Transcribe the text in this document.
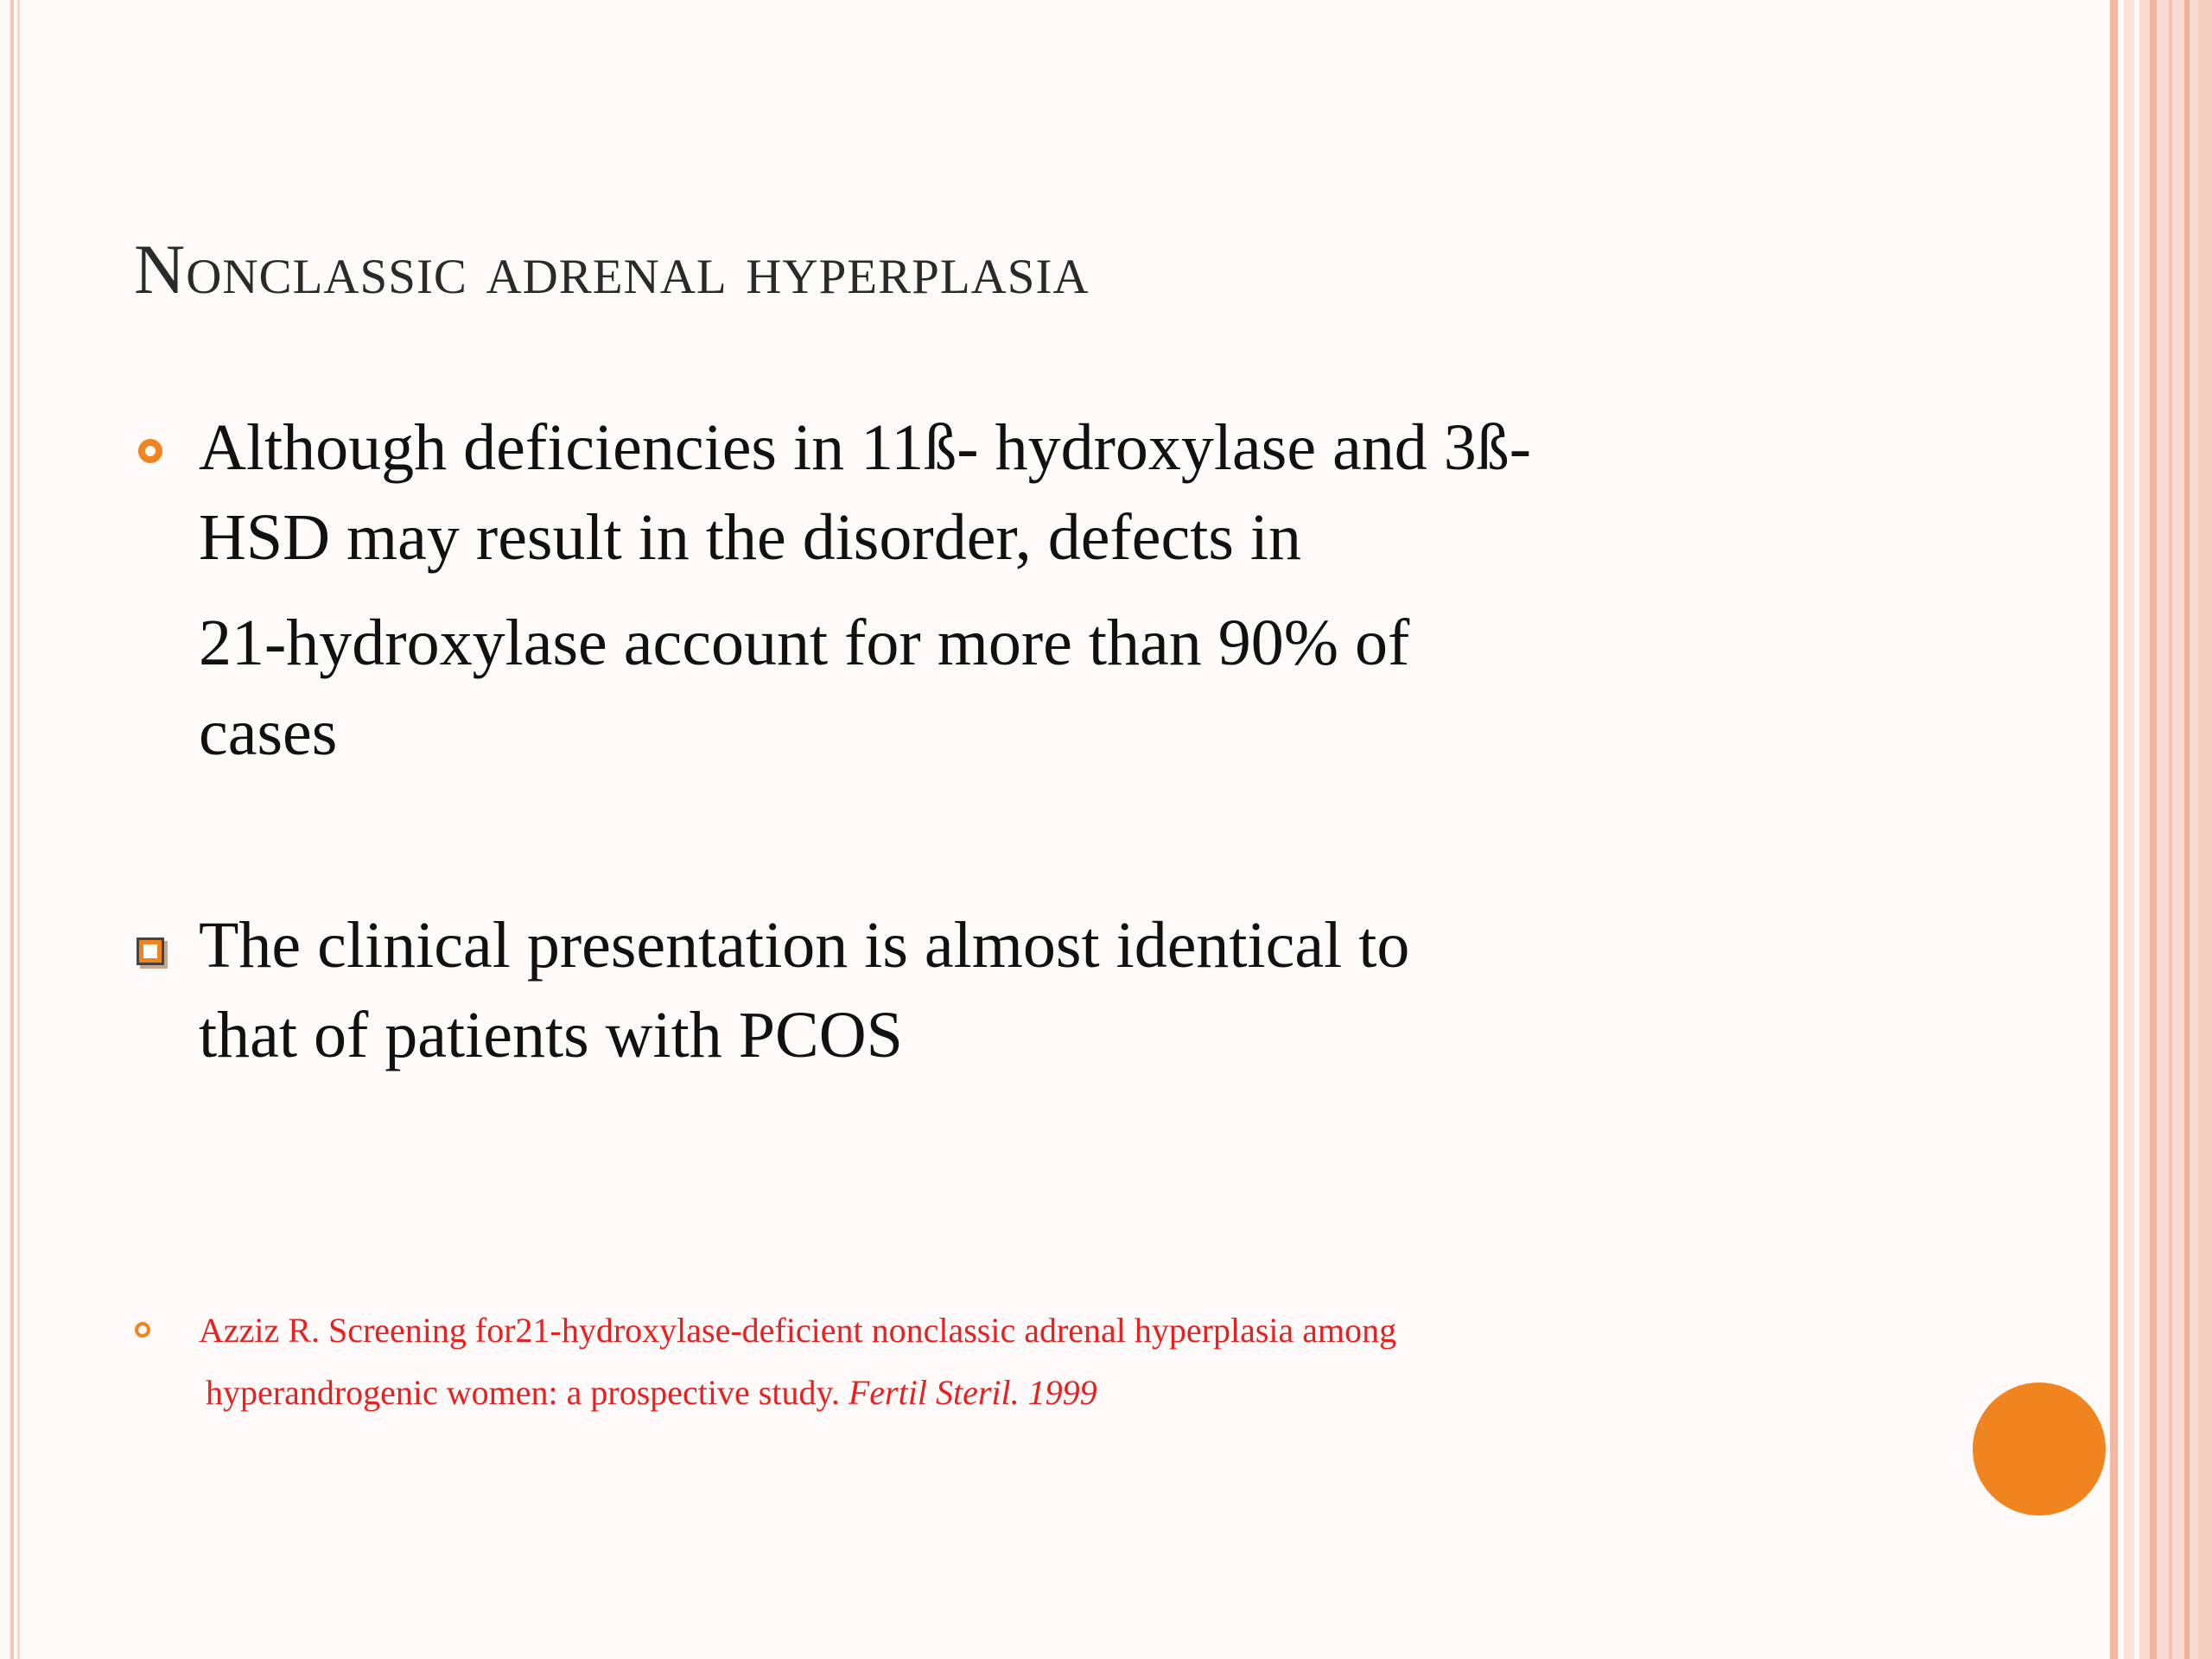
Nonclassic adrenal hyperplasia

Although deficiencies in 11ß- hydroxylase and 3ß-

HSD may result in the disorder, defects in

21-hydroxylase account for more than 90% of

cases

The clinical presentation is almost identical to

that of patients with PCOS

Azziz R. Screening for21-hydroxylase-deficient nonclassic adrenal hyperplasia among

hyperandrogenic women: a prospective study. Fertil Steril. 1999
